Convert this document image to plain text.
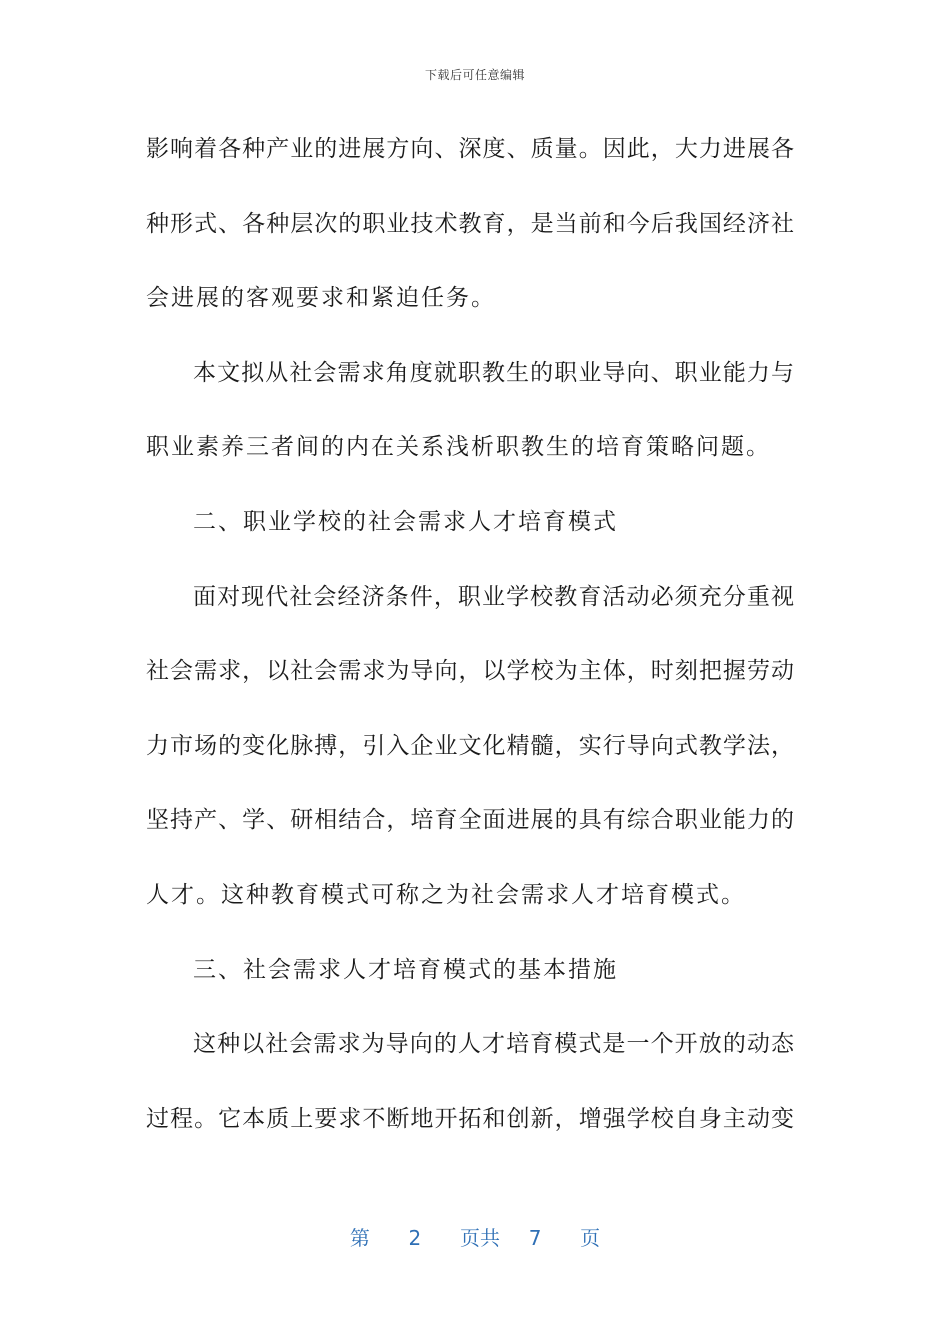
下载后可任意编辑
影响着各种产业的进展方向、深度、质量。因此，大力进展各
种形式、各种层次的职业技术教育，是当前和今后我国经济社
会进展的客观要求和紧迫任务。
本文拟从社会需求角度就职教生的职业导向、职业能力与
职业素养三者间的内在关系浅析职教生的培育策略问题。
二、职业学校的社会需求人才培育模式
面对现代社会经济条件，职业学校教育活动必须充分重视
社会需求，以社会需求为导向，以学校为主体，时刻把握劳动
力市场的变化脉搏，引入企业文化精髓，实行导向式教学法，
坚持产、学、研相结合，培育全面进展的具有综合职业能力的
人才。这种教育模式可称之为社会需求人才培育模式。
三、社会需求人才培育模式的基本措施
这种以社会需求为导向的人才培育模式是一个开放的动态
过程。它本质上要求不断地开拓和创新，增强学校自身主动变
第 2 页共 7 页
